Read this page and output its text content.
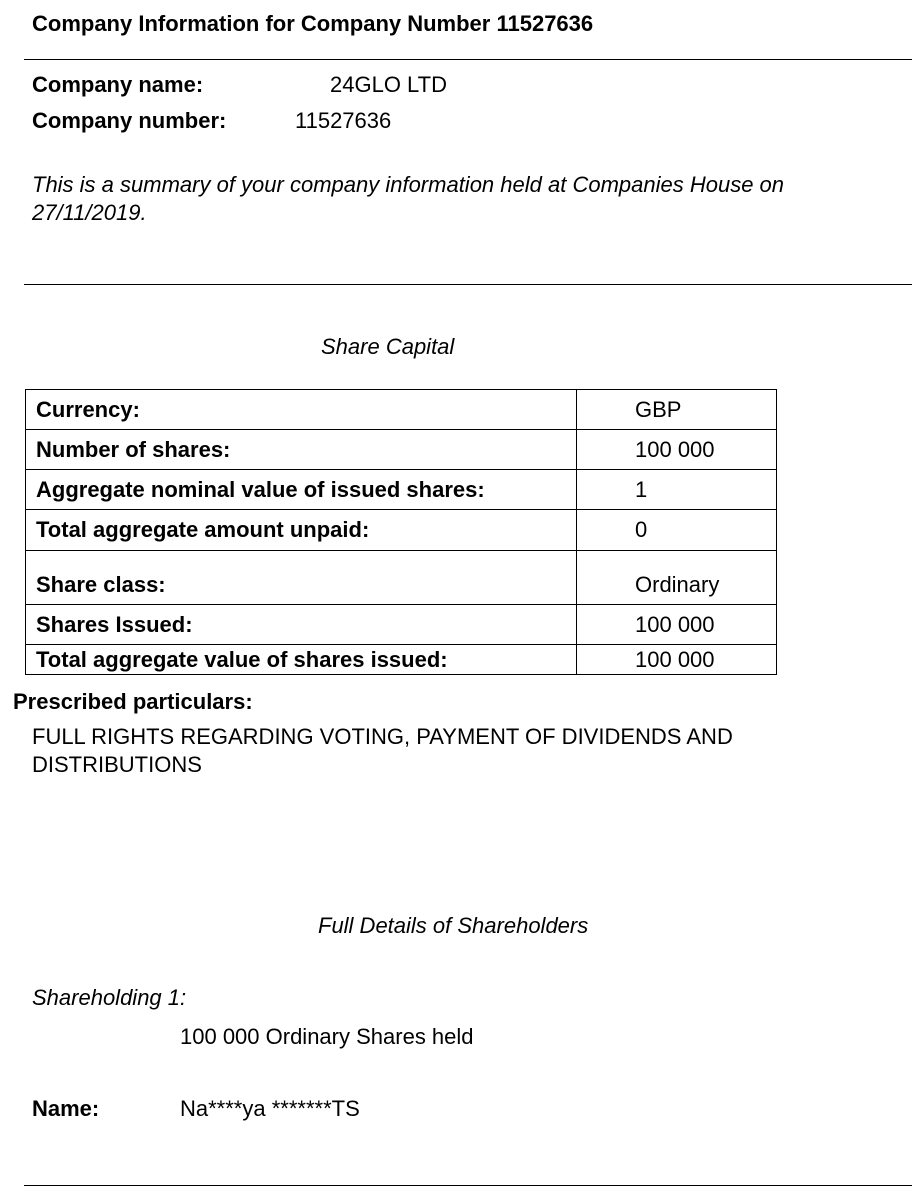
Company Information for Company Number 11527636
Company name:	24GLO LTD
Company number:	11527636
This is a summary of your company information held at Companies House on 27/11/2019.
Share Capital
Currency:	GBP
Number of shares:	100 000
Aggregate nominal value of issued shares:	1
Total aggregate amount unpaid:	0
Share class:	Ordinary
Shares Issued:	100 000
Total aggregate value of shares issued:	100 000
Prescribed particulars:
FULL RIGHTS REGARDING VOTING, PAYMENT OF DIVIDENDS AND DISTRIBUTIONS
Full Details of Shareholders
Shareholding 1:
100 000 Ordinary Shares held
Name:	Na****ya *******TS
